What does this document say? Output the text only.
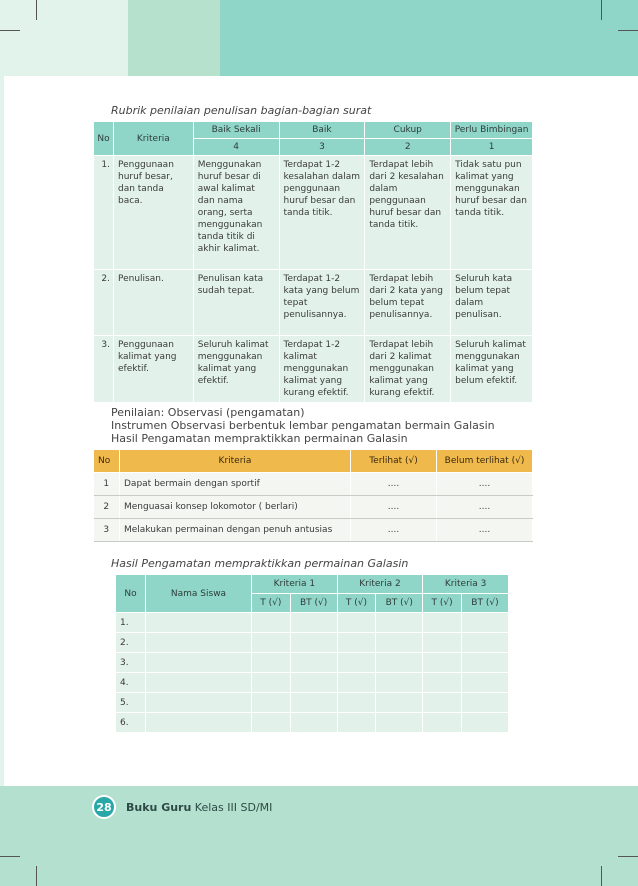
Rubrik penilaian penulisan bagian-bagian surat
No	Kriteria	Baik Sekali	Baik	Cukup	Perlu Bimbingan
		4	3	2	1
1.	Penggunaan huruf besar, dan tanda baca.	Menggunakan huruf besar di awal kalimat dan nama orang, serta menggunakan tanda titik di akhir kalimat.	Terdapat 1-2 kesalahan dalam penggunaan huruf besar dan tanda titik.	Terdapat lebih dari 2 kesalahan dalam penggunaan huruf besar dan tanda titik.	Tidak satu pun kalimat yang menggunakan huruf besar dan tanda titik.
2.	Penulisan.	Penulisan kata sudah tepat.	Terdapat 1-2 kata yang belum tepat penulisannya.	Terdapat lebih dari 2 kata yang belum tepat penulisannya.	Seluruh kata belum tepat dalam penulisan.
3.	Penggunaan kalimat yang efektif.	Seluruh kalimat menggunakan kalimat yang efektif.	Terdapat 1-2 kalimat menggunakan kalimat yang kurang efektif.	Terdapat lebih dari 2 kalimat menggunakan kalimat yang kurang efektif.	Seluruh kalimat menggunakan kalimat yang belum efektif.
Penilaian: Observasi (pengamatan)
Instrumen Observasi berbentuk lembar pengamatan bermain Galasin
Hasil Pengamatan mempraktikkan permainan Galasin
No	Kriteria	Terlihat (√)	Belum terlihat (√)
1	Dapat bermain dengan sportif	....	....
2	Menguasai konsep lokomotor ( berlari)	....	....
3	Melakukan permainan dengan penuh antusias	....	....
Hasil Pengamatan mempraktikkan permainan Galasin
No	Nama Siswa	Kriteria 1		Kriteria 2		Kriteria 3	
		T (√)	BT (√)	T (√)	BT (√)	T (√)	BT (√)
1.							
2.							
3.							
4.							
5.							
6.							
28	Buku Guru Kelas III SD/MI
